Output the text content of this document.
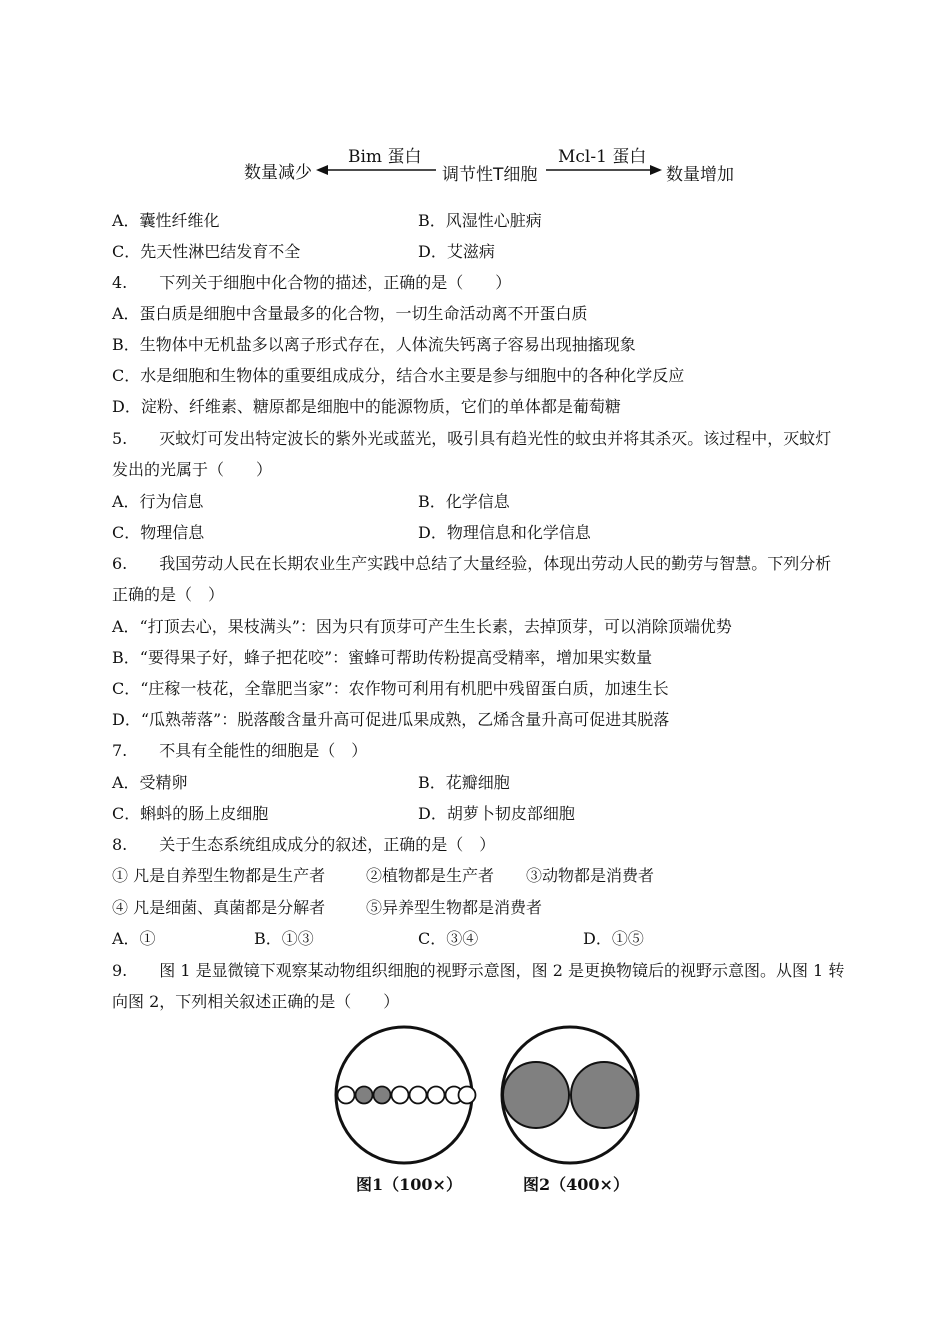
数量减少
Bim 蛋白
调节性T细胞
Mcl-1 蛋白
数量增加
A．囊性纤维化	B．风湿性心脏病
C．先天性淋巴结发育不全	D．艾滋病
4.　　下列关于细胞中化合物的描述，正确的是（　　）
A．蛋白质是细胞中含量最多的化合物，一切生命活动离不开蛋白质
B．生物体中无机盐多以离子形式存在，人体流失钙离子容易出现抽搐现象
C．水是细胞和生物体的重要组成成分，结合水主要是参与细胞中的各种化学反应
D．淀粉、纤维素、糖原都是细胞中的能源物质，它们的单体都是葡萄糖
5.　　灭蚊灯可发出特定波长的紫外光或蓝光，吸引具有趋光性的蚊虫并将其杀灭。该过程中，灭蚊灯
发出的光属于（　　）
A．行为信息	B．化学信息
C．物理信息	D．物理信息和化学信息
6.　　我国劳动人民在长期农业生产实践中总结了大量经验，体现出劳动人民的勤劳与智慧。下列分析
正确的是（　）
A．“打顶去心，果枝满头”：因为只有顶芽可产生生长素，去掉顶芽，可以消除顶端优势
B．“要得果子好，蜂子把花咬”：蜜蜂可帮助传粉提高受精率，增加果实数量
C．“庄稼一枝花，全靠肥当家”：农作物可利用有机肥中残留蛋白质，加速生长
D．“瓜熟蒂落”：脱落酸含量升高可促进瓜果成熟，乙烯含量升高可促进其脱落
7.　　不具有全能性的细胞是（　）
A．受精卵	B．花瓣细胞
C．蝌蚪的肠上皮细胞	D．胡萝卜韧皮部细胞
8.　　关于生态系统组成成分的叙述，正确的是（　）
① 凡是自养型生物都是生产者	②植物都是生产者 ③动物都是消费者
④ 凡是细菌、真菌都是分解者	⑤异养型生物都是消费者
A．①	B．①③	C．③④	D．①⑤
9.　　图 1 是显微镜下观察某动物组织细胞的视野示意图，图 2 是更换物镜后的视野示意图。从图 1 转
向图 2，下列相关叙述正确的是（　　）
图1（100×）	图2（400×）
